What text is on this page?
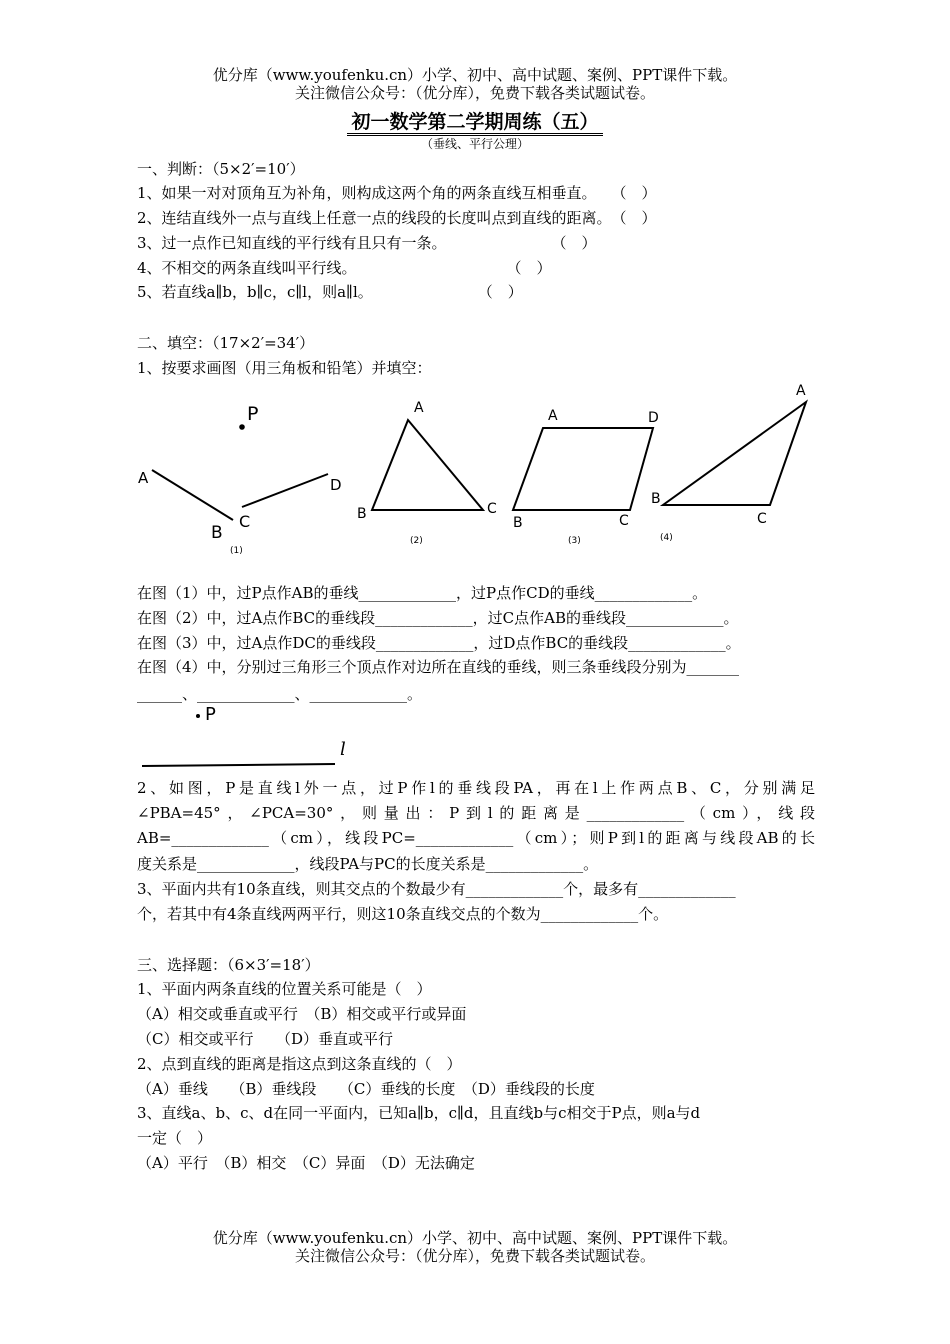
优分库（www.youfenku.cn）小学、初中、高中试题、案例、PPT课件下载。
关注微信公众号：（优分库），免费下载各类试题试卷。
初一数学第二学期周练（五）
（垂线、平行公理）
一、判断：（5×2′=10′）
1、如果一对对顶角互为补角，则构成这两个角的两条直线互相垂直。　　（　）
2、连结直线外一点与直线上任意一点的线段的长度叫点到直线的距离。　（　）
3、过一点作已知直线的平行线有且只有一条。　　　　　　　　（　）
4、不相交的两条直线叫平行线。　　　　　　　　　　　（　）
5、若直线a∥b，b∥c，c∥l，则a∥l。　　　　　　　　（　）
二、填空：（17×2′=34′）
1、按要求画图（用三角板和铅笔）并填空：
A
B
C
D
P
(1)
A
B	C
(2)
A	D
B	C
(3)
A
B
C
(4)
在图（1）中，过P点作AB的垂线_____________，过P点作CD的垂线_____________。
在图（2）中，过A点作BC的垂线段_____________，过C点作AB的垂线段_____________。
在图（3）中，过A点作DC的垂线段_____________，过D点作BC的垂线段_____________。
在图（4）中，分别过三角形三个顶点作对边所在直线的垂线，则三条垂线段分别为_______
______、_____________、_____________。
P
l
2、如图，P是直线l外一点，过P作l的垂线段PA，再在l上作两点B、C，分别满足
∠PBA=45°，∠PCA=30°，则量出：P到l的距离是_____________（cm），线段
AB=_____________（cm），线段PC=_____________（cm）；则P到l的距离与线段AB的长
度关系是_____________，线段PA与PC的长度关系是_____________。
3、平面内共有10条直线，则其交点的个数最少有_____________个，最多有_____________
个，若其中有4条直线两两平行，则这10条直线交点的个数为_____________个。
三、选择题：（6×3′=18′）
1、平面内两条直线的位置关系可能是（　）
（A）相交或垂直或平行　（B）相交或平行或异面
（C）相交或平行　　（D）垂直或平行
2、点到直线的距离是指这点到这条直线的（　）
（A）垂线　　（B）垂线段　　（C）垂线的长度　（D）垂线段的长度
3、直线a、b、c、d在同一平面内，已知a∥b，c∥d，且直线b与c相交于P点，则a与d
一定（　）
（A）平行　（B）相交　（C）异面　（D）无法确定
优分库（www.youfenku.cn）小学、初中、高中试题、案例、PPT课件下载。
关注微信公众号：（优分库），免费下载各类试题试卷。
